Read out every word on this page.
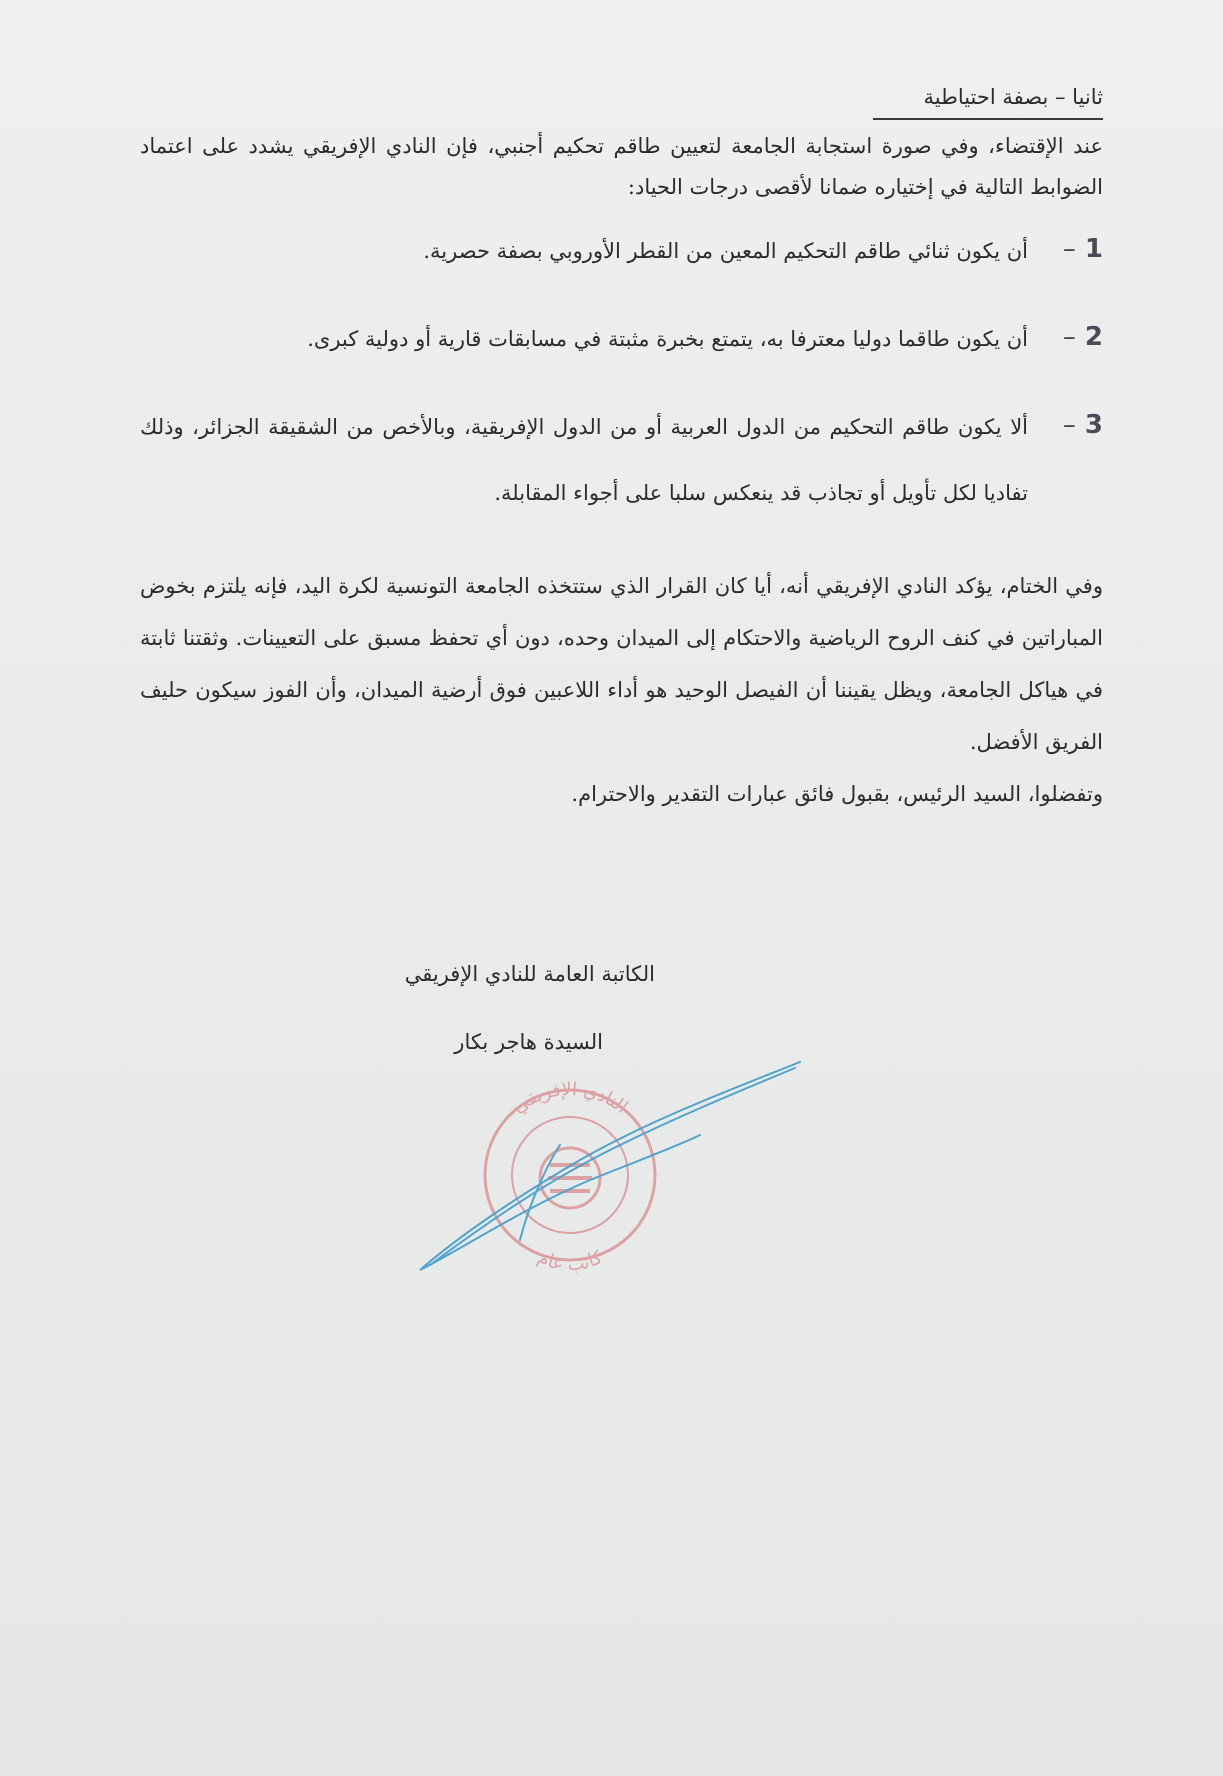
ثانيا – بصفة احتياطية

عند الإقتضاء، وفي صورة استجابة الجامعة لتعيين طاقم تحكيم أجنبي، فإن النادي الإفريقي يشدد على اعتماد الضوابط التالية في إختياره ضمانا لأقصى درجات الحياد:

1 –
أن يكون ثنائي طاقم التحكيم المعين من القطر الأوروبي بصفة حصرية.
2 –
أن يكون طاقما دوليا معترفا به، يتمتع بخبرة مثبتة في مسابقات قارية أو دولية كبرى.
3 –
ألا يكون طاقم التحكيم من الدول العربية أو من الدول الإفريقية، وبالأخص من الشقيقة الجزائر، وذلك تفاديا لكل تأويل أو تجاذب قد ينعكس سلبا على أجواء المقابلة.

وفي الختام، يؤكد النادي الإفريقي أنه، أيا كان القرار الذي ستتخذه الجامعة التونسية لكرة اليد، فإنه يلتزم بخوض المباراتين في كنف الروح الرياضية والاحتكام إلى الميدان وحده، دون أي تحفظ مسبق على التعيينات. وثقتنا ثابتة في هياكل الجامعة، ويظل يقيننا أن الفيصل الوحيد هو أداء اللاعبين فوق أرضية الميدان، وأن الفوز سيكون حليف الفريق الأفضل.

وتفضلوا، السيد الرئيس، بقبول فائق عبارات التقدير والاحترام.

الكاتبة العامة للنادي الإفريقي
السيدة هاجر بكار
النادي الإفريقي
كاتب عام
